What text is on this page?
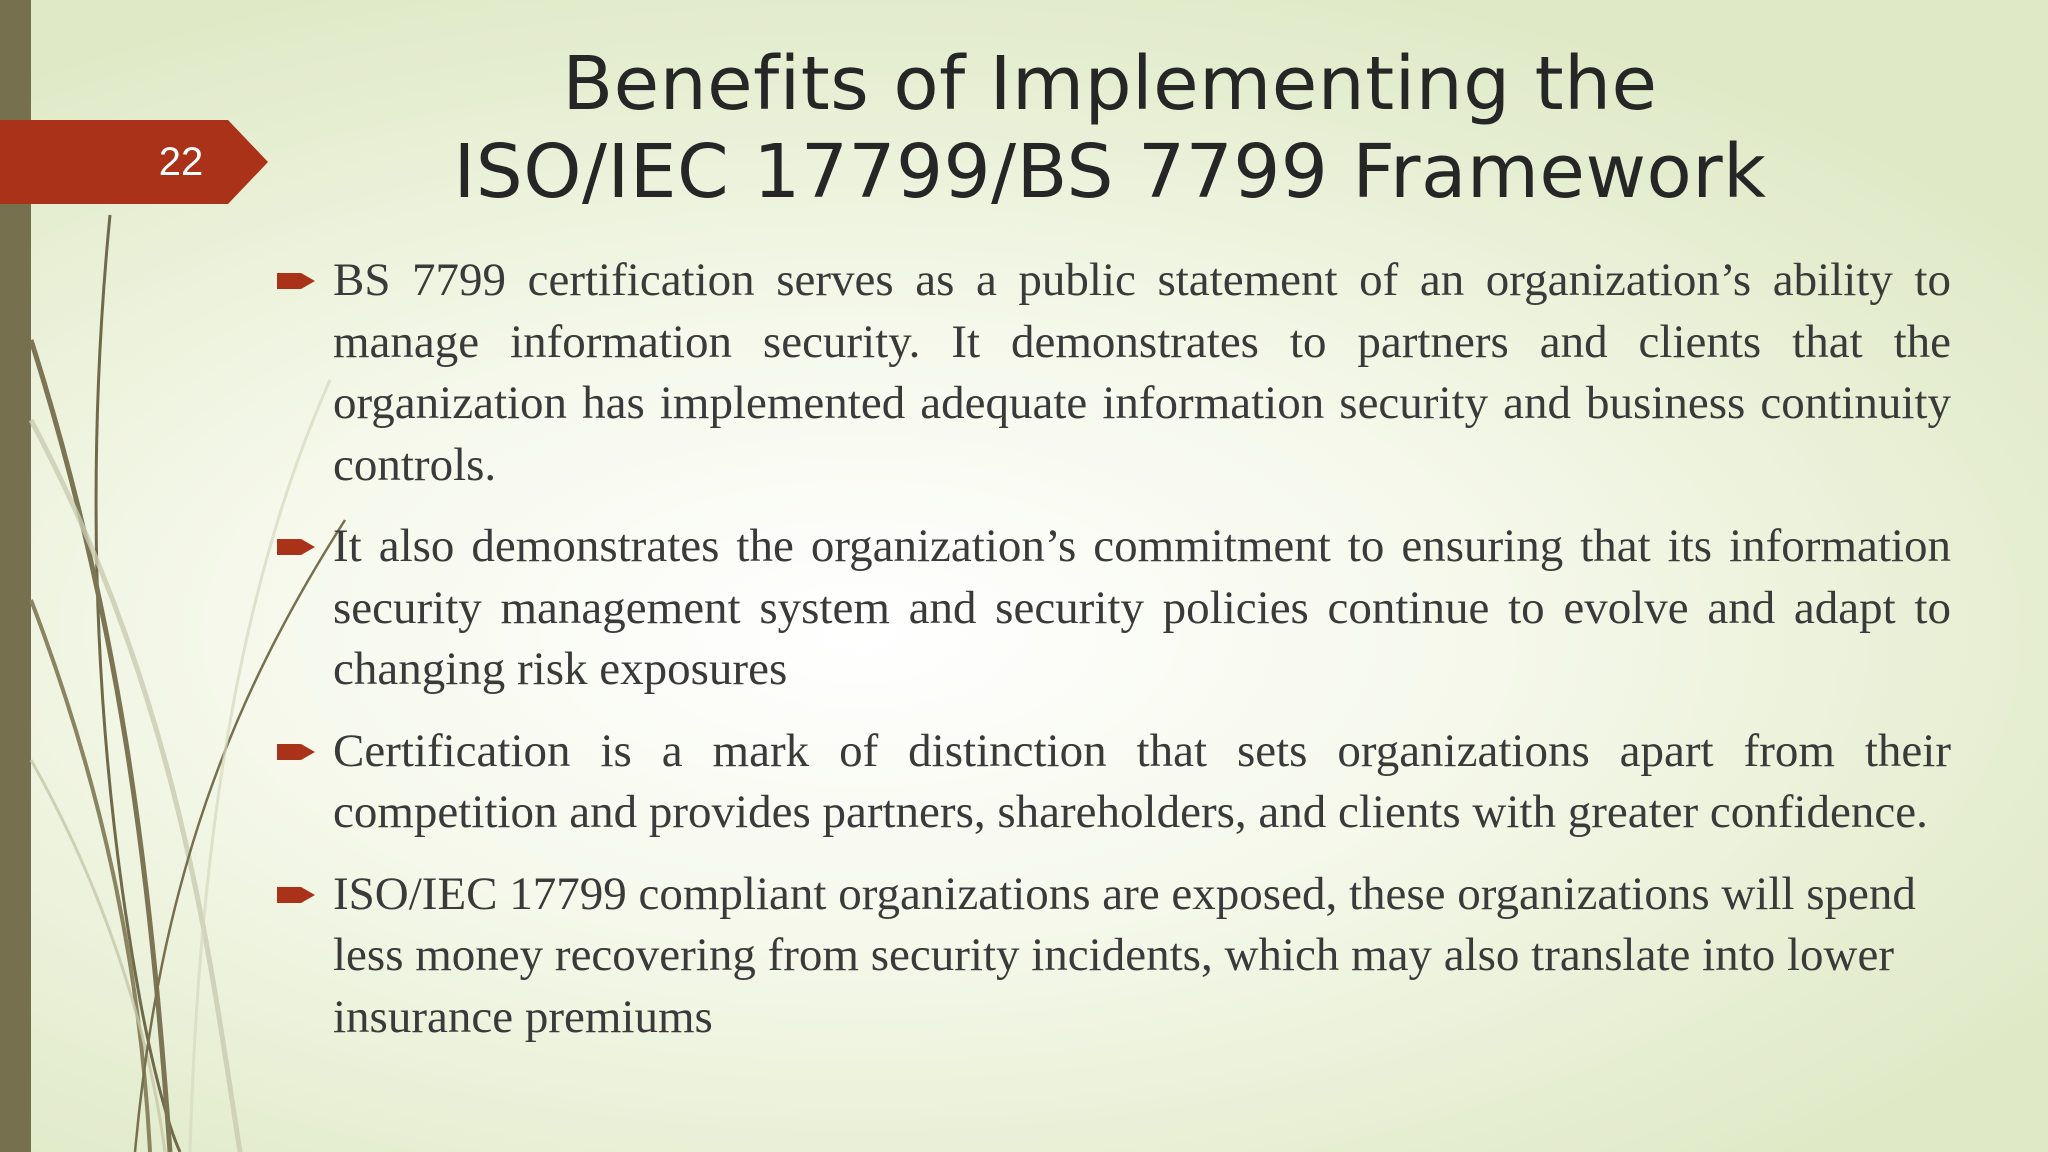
22
Benefits of Implementing the
ISO/IEC 17799/BS 7799 Framework
BS 7799 certification serves as a public statement of an organization’s ability to manage information security. It demonstrates to partners and clients that the organization has implemented adequate information security and business continuity controls.
It also demonstrates the organization’s commitment to ensuring that its information security management system and security policies continue to evolve and adapt to changing risk exposures
Certification is a mark of distinction that sets organizations apart from their competition and provides partners, shareholders, and clients with greater confidence.
ISO/IEC 17799 compliant organizations are exposed, these organizations will spend less money recovering from security incidents, which may also translate into lower insurance premiums
